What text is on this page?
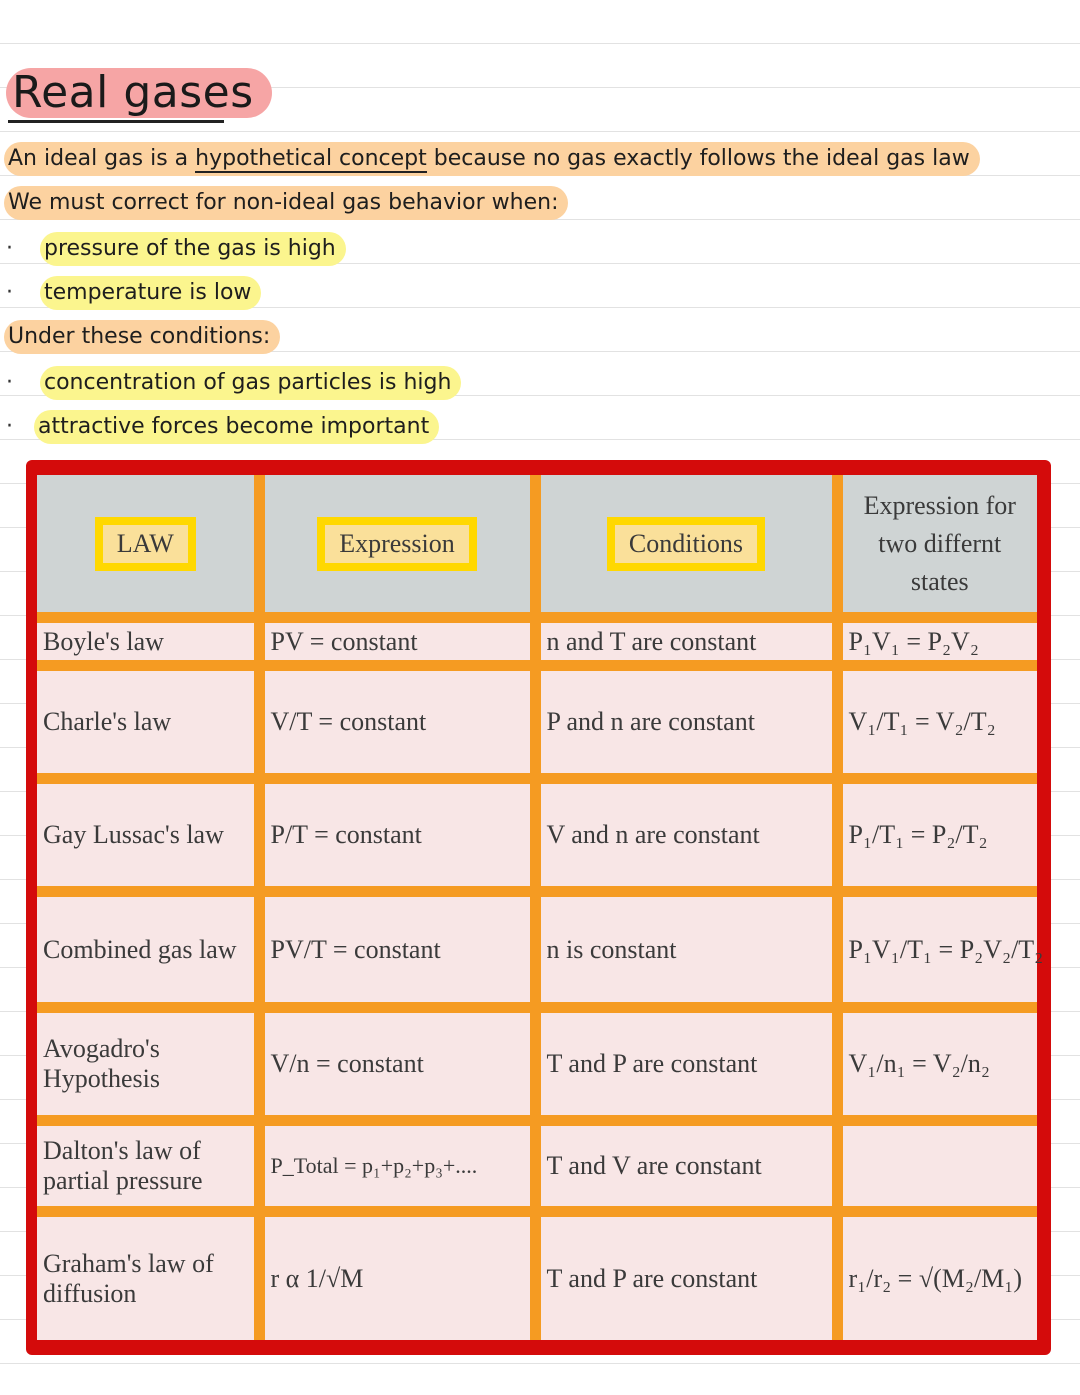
Real gases
An ideal gas is a hypothetical concept because no gas exactly follows the ideal gas law
We must correct for non-ideal gas behavior when:
· pressure of the gas is high
· temperature is low
Under these conditions:
· concentration of gas particles is high
· attractive forces become important
LAW	Expression	Conditions	Expression for two differnt states
Boyle's law	PV = constant	n and T are constant	P₁V₁ = P₂V₂
Charle's law	V/T = constant	P and n are constant	V₁/T₁ = V₂/T₂
Gay Lussac's law	P/T = constant	V and n are constant	P₁/T₁ = P₂/T₂
Combined gas law	PV/T = constant	n is constant	P₁V₁/T₁ = P₂V₂/T₂
Avogadro's Hypothesis	V/n = constant	T and P are constant	V₁/n₁ = V₂/n₂
Dalton's law of partial pressure	P_Total = p₁+p₂+p₃+....	T and V are constant	
Graham's law of diffusion	r α 1/√M	T and P are constant	r₁/r₂ = √(M₂/M₁)
